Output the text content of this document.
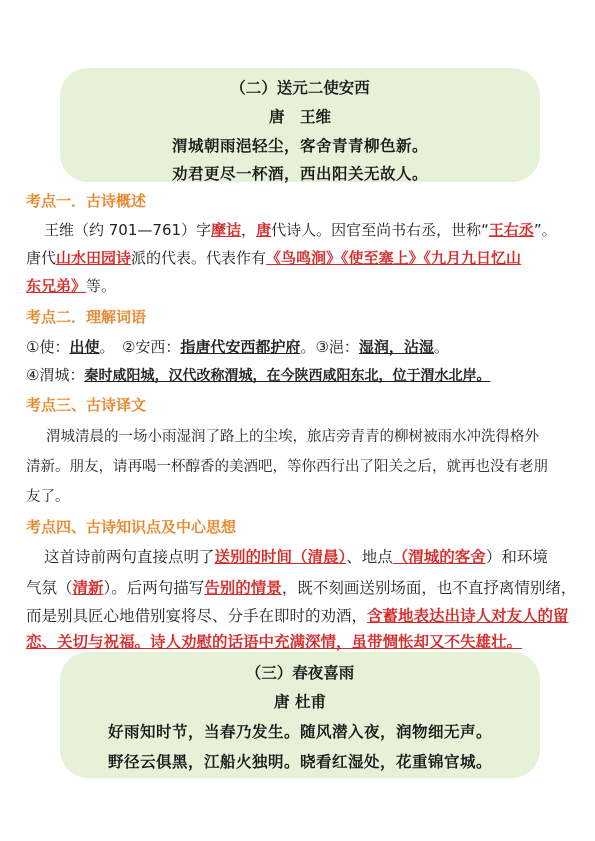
（二）送元二使安西
唐　王维
渭城朝雨浥轻尘，客舍青青柳色新。
劝君更尽一杯酒，西出阳关无故人。
考点一．古诗概述
王维（约 701—761）字摩诘，唐代诗人。因官至尚书右丞，世称“王右丞”。
唐代山水田园诗派的代表。代表作有《鸟鸣涧》《使至塞上》《九月九日忆山
东兄弟》等。
考点二．理解词语
①使：出使。　②安西：指唐代安西都护府。③浥：湿润，沾湿。
④渭城：秦时咸阳城，汉代改称渭城，在今陕西咸阳东北，位于渭水北岸。
考点三、古诗译文
渭城清晨的一场小雨湿润了路上的尘埃，旅店旁青青的柳树被雨水冲洗得格外
清新。朋友，请再喝一杯醇香的美酒吧，等你西行出了阳关之后，就再也没有老朋
友了。
考点四、古诗知识点及中心思想
这首诗前两句直接点明了送别的时间（清晨）、地点（渭城的客舍）和环境
气氛（清新）。后两句描写告别的情景，既不刻画送别场面，也不直抒离情别绪，
而是别具匠心地借别宴将尽、分手在即时的劝酒，含蓄地表达出诗人对友人的留
恋、关切与祝福。诗人劝慰的话语中充满深情，虽带惆怅却又不失雄壮。
（三）春夜喜雨
唐 杜甫
好雨知时节，当春乃发生。随风潜入夜，润物细无声。
野径云俱黑，江船火独明。晓看红湿处，花重锦官城。
